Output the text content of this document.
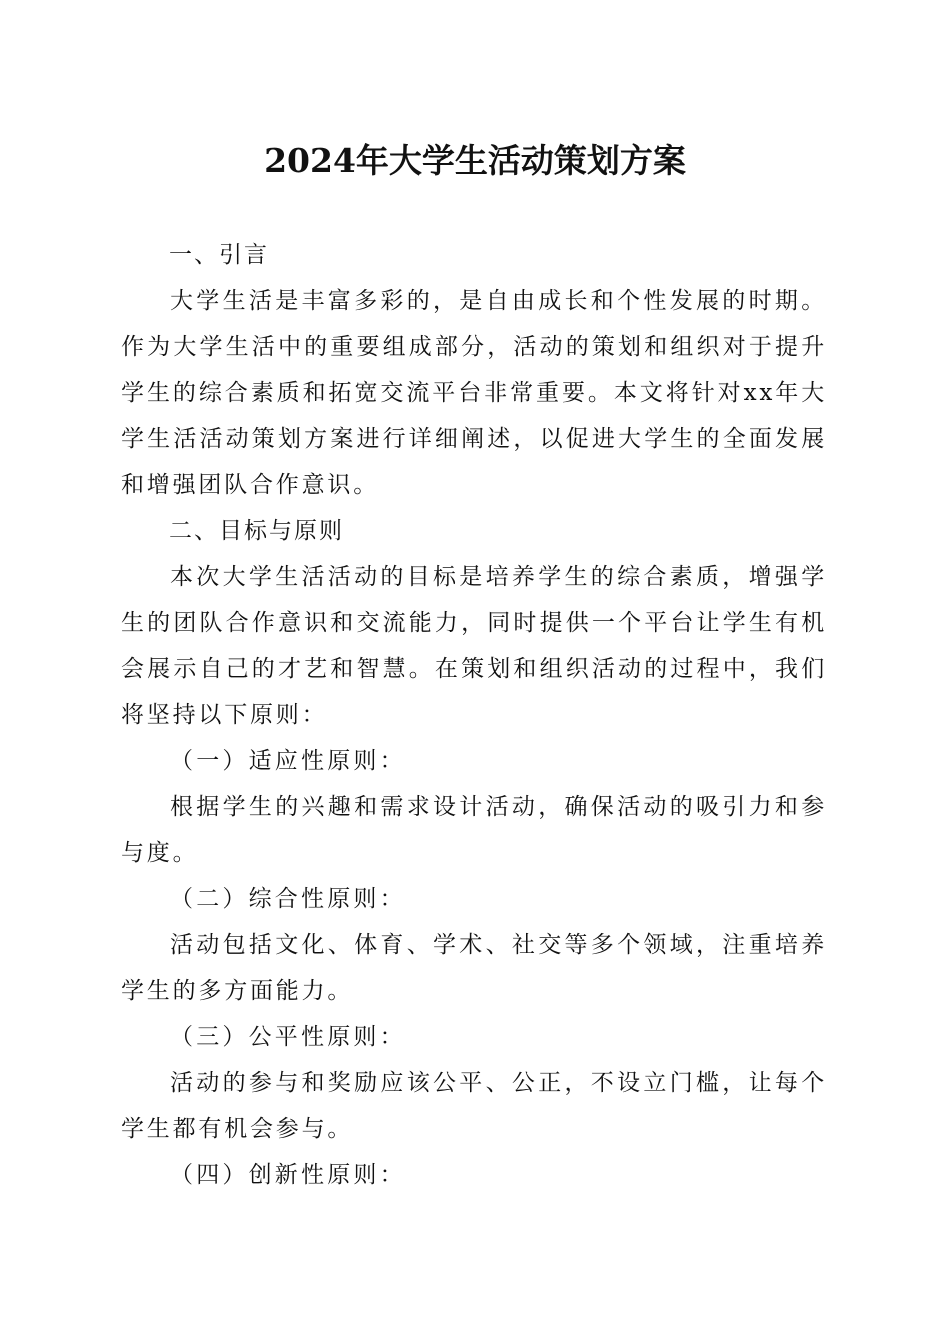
2024年大学生活动策划方案

一、引言

大学生活是丰富多彩的，是自由成长和个性发展的时期。作为大学生活中的重要组成部分，活动的策划和组织对于提升学生的综合素质和拓宽交流平台非常重要。本文将针对xx年大学生活活动策划方案进行详细阐述，以促进大学生的全面发展和增强团队合作意识。

二、目标与原则

本次大学生活活动的目标是培养学生的综合素质，增强学生的团队合作意识和交流能力，同时提供一个平台让学生有机会展示自己的才艺和智慧。在策划和组织活动的过程中，我们将坚持以下原则：

（一）适应性原则：

根据学生的兴趣和需求设计活动，确保活动的吸引力和参与度。

（二）综合性原则：

活动包括文化、体育、学术、社交等多个领域，注重培养学生的多方面能力。

（三）公平性原则：

活动的参与和奖励应该公平、公正，不设立门槛，让每个学生都有机会参与。

（四）创新性原则：
